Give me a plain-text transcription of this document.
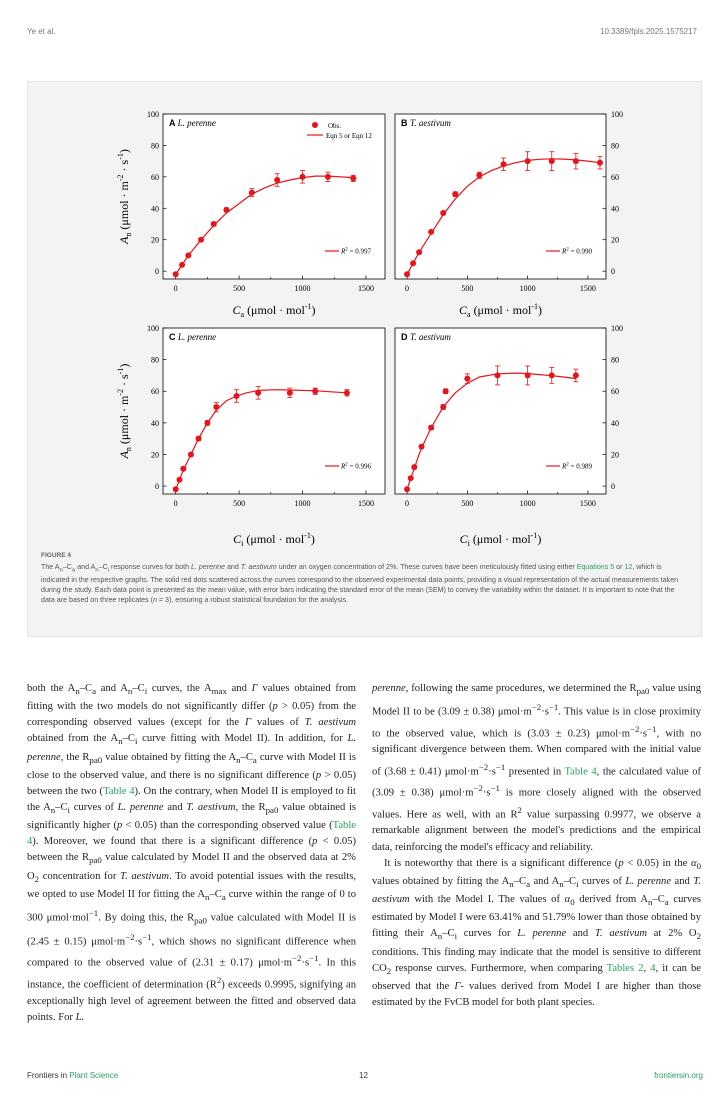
Ye et al.	10.3389/fpls.2025.1575217
0	500	1000	1500
0
20
40
60
80
100
A L. perenne
$R^2 = 0.997$
Obs.
Eqn 5 or Eqn 12
$C_a$ (μmol · mol$^{-1}$)
$A_n$ $(\mu mol \cdot m^{-2} \cdot s^{-1})$
0	500	1000	1500
0
20
40
60
80
100
B T. aestivum
$R^2 = 0.990$
$C_a$ (μmol · mol$^{-1}$)
0	500	1000	1500
0
20
40
60
80
100
C L. perenne
$R^2 = 0.996$
$C_i$ (μmol · mol$^{-1}$)
$A_n$ $(\mu mol \cdot m^{-2} \cdot s^{-1})$
0	500	1000	1500
0
20
40
60
80
100
D T. aestivum
$R^2 = 0.989$
$C_i$ (μmol · mol$^{-1}$)
FIGURE 4
The $A_n-C_a$ and $A_n-C_i$ response curves for both L. perenne and T. aestivum under an oxygen concentration of 2%. These curves have been meticulously fitted using either Equations 5 or 12, which is indicated in the respective graphs. The solid red dots scattered across the curves correspond to the observed experimental data points, providing a visual representation of the actual measurements taken during the study. Each data point is presented as the mean value, with error bars indicating the standard error of the mean (SEM) to convey the variability within the dataset. It is important to note that the data are based on three replicates (n = 3), ensuring a robust statistical foundation for the analysis.

both the $A_n-C_a$ and $A_n-C_i$ curves, the $A_{max}$ and Γ values obtained from fitting with the two models do not significantly differ (p > 0.05) from the corresponding observed values (except for the Γ values of T. aestivum obtained from the $A_n-C_i$ curve fitting with Model II). In addition, for L. perenne, the $R_{pa0}$ value obtained by fitting the $A_n-C_a$ curve with Model II is close to the observed value, and there is no significant difference (p > 0.05) between the two (Table 4). On the contrary, when Model II is employed to fit the $A_n-C_i$ curves of L. perenne and T. aestivum, the $R_{pa0}$ value obtained is significantly higher (p < 0.05) than the corresponding observed value (Table 4). Moreover, we found that there is a significant difference (p < 0.05) between the $R_{pa0}$ value calculated by Model II and the observed data at 2% $O_2$ concentration for T. aestivum. To avoid potential issues with the results, we opted to use Model II for fitting the $A_n-C_a$ curve within the range of 0 to 300 μmol·mol$^{-1}$. By doing this, the $R_{pa0}$ value calculated with Model II is (2.45 ± 0.15) $\mu mol\cdot m^{-2}\cdot s^{-1}$, which shows no significant difference when compared to the observed value of (2.31 ± 0.17) $\mu mol\cdot m^{-2}\cdot s^{-1}$. In this instance, the coefficient of determination $(R^2)$ exceeds 0.9995, signifying an exceptionally high level of agreement between the fitted and observed data points. For L.

perenne, following the same procedures, we determined the $R_{pa0}$ value using Model II to be (3.09 ± 0.38) $\mu mol\cdot m^{-2}\cdot s^{-1}$. This value is in close proximity to the observed value, which is (3.03 ± 0.23) $\mu mol\cdot m^{-2}\cdot s^{-1}$, with no significant divergence between them. When compared with the initial value of (3.68 ± 0.41) $\mu mol\cdot m^{-2}\cdot s^{-1}$ presented in Table 4, the calculated value of (3.09 ± 0.38) $\mu mol\cdot m^{-2}\cdot s^{-1}$ is more closely aligned with the observed values. Here as well, with an $R^2$ value surpassing 0.9977, we observe a remarkable alignment between the model's predictions and the empirical data, reinforcing the model's efficacy and reliability.

It is noteworthy that there is a significant difference (p < 0.05) in the $\alpha_0$ values obtained by fitting the $A_n-C_a$ and $A_n-C_i$ curves of L. perenne and T. aestivum with the Model I. The values of $\alpha_0$ derived from $A_n-C_a$ curves estimated by Model I were 63.41% and 51.79% lower than those obtained by fitting their $A_n-C_i$ curves for L. perenne and T. aestivum at 2% $O_2$ conditions. This finding may indicate that the model is sensitive to different $CO_2$ response curves. Furthermore, when comparing Tables 2, 4, it can be observed that the Γ- values derived from Model I are higher than those estimated by the FvCB model for both plant species.

Frontiers in Plant Science	12	frontiersin.org
